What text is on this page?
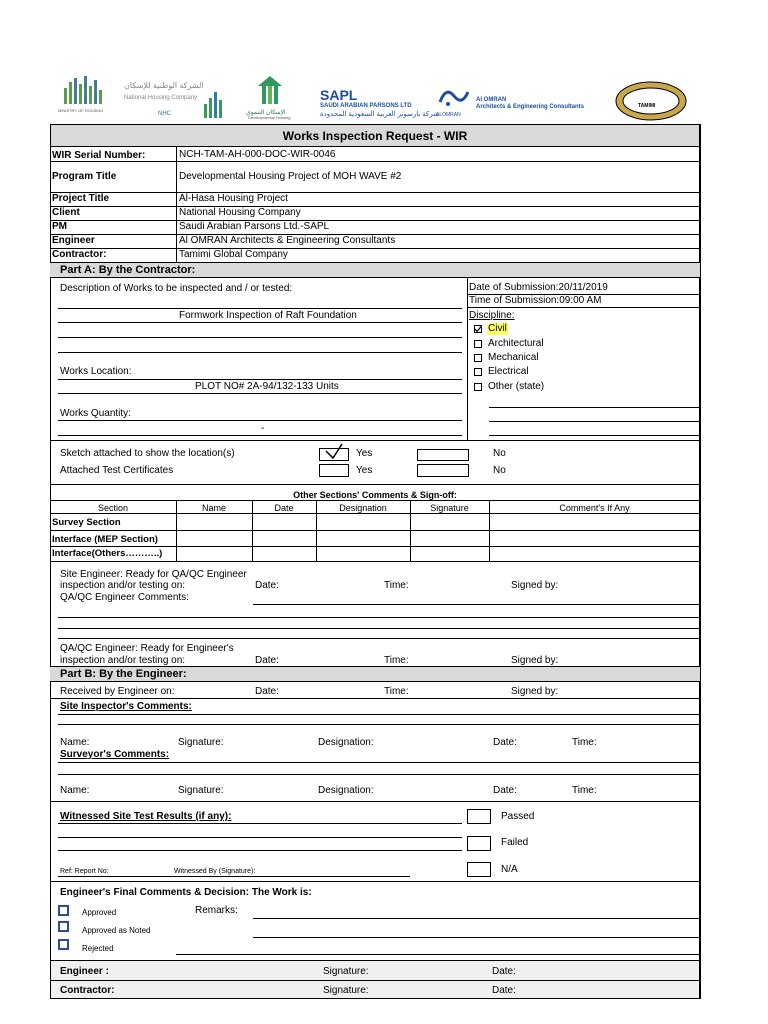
MINISTRY OF HOUSING
الشركة الوطنية للإسكان
National Housing Company
NHC	الإسكان التنموي
Developmental Housing
SAPL
SAUDI ARABIAN PARSONS LTD
شركة بارسونز العربية السعودية المحدودة
ALOMRAN
Al OMRAN
Architects & Engineering Consultants	TAMIMI
Works Inspection Request - WIR
WIR Serial Number:	NCH-TAM-AH-000-DOC-WIR-0046
Program Title	Developmental Housing Project of MOH WAVE #2
Project Title	Al-Hasa Housing Project
Client	National Housing Company
PM	Saudi Arabian Parsons Ltd.-SAPL
Engineer	Al OMRAN Architects & Engineering Consultants
Contractor:	Tamimi Global Company
Part A: By the Contractor:
Description of Works to be inspected and / or tested:	Date of Submission:20/11/2019
Time of Submission:09:00 AM
Formwork Inspection of Raft Foundation	Discipline:
Civil
Architectural
Mechanical
Electrical
Other (state)
Works Location:
PLOT NO# 2A-94/132-133 Units
Works Quantity:
-
Sketch attached to show the location(s)	Yes	No
Attached Test Certificates	Yes	No
Other Sections' Comments & Sign-off:
Section	Name	Date	Designation	Signature	Comment's If Any
Survey Section
Interface (MEP Section)
Interface(Others………..)
Site Engineer: Ready for QA/QC Engineer
inspection and/or testing on:	Date:	Time:	Signed by:
QA/QC Engineer Comments:
QA/QC Engineer: Ready for Engineer's
inspection and/or testing on:	Date:	Time:	Signed by:
Part B: By the Engineer:
Received by Engineer on:	Date:	Time:	Signed by:
Site Inspector's Comments:
Name:	Signature:	Designation:	Date:	Time:
Surveyor's Comments:
Name:	Signature:	Designation:	Date:	Time:
Witnessed Site Test Results (if any):	Passed
Failed
N/A
Ref: Report No:	Witnessed By (Signature):
Engineer's Final Comments & Decision: The Work is:
Approved
Approved as Noted
Rejected
Remarks:
Engineer :	Signature:	Date:
Contractor:	Signature:	Date:
